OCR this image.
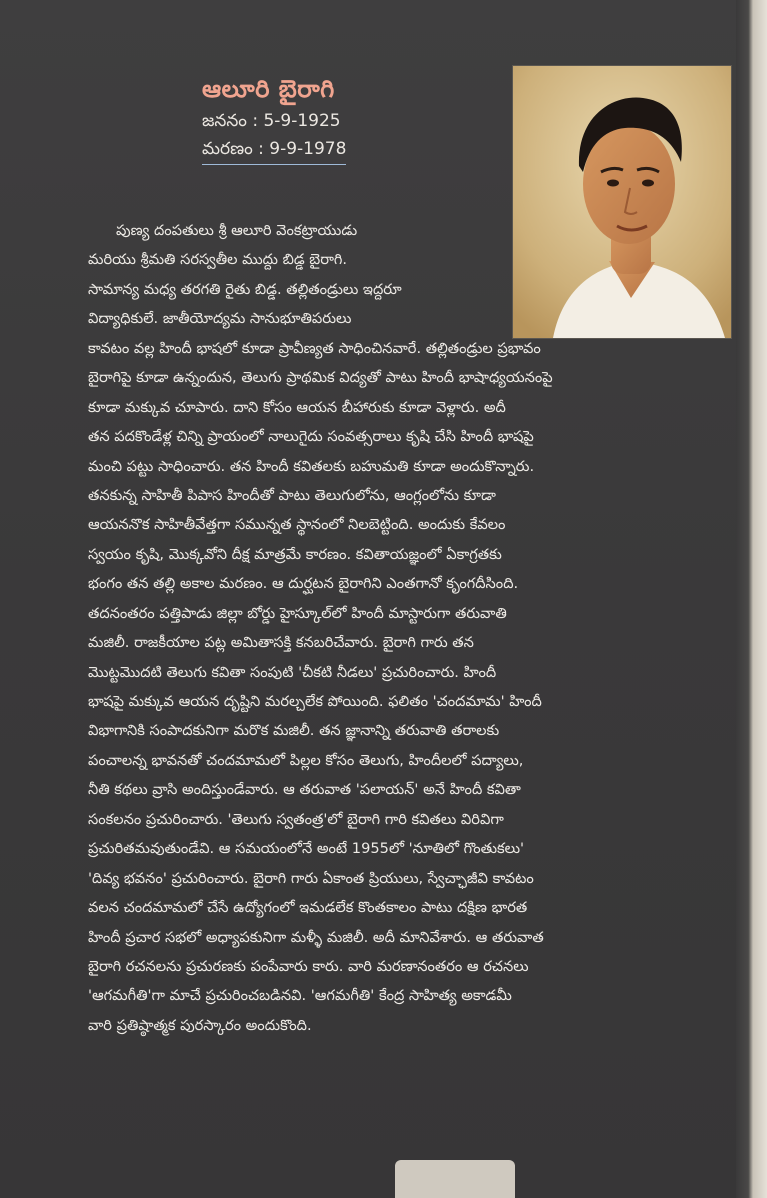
ఆలూరి బైరాగి

జననం : 5-9-1925

మరణం : 9-9-1978

పుణ్య దంపతులు శ్రీ ఆలూరి వెంకట్రాయుడు
మరియు శ్రీమతి సరస్వతీల ముద్దు బిడ్డ బైరాగి.
సామాన్య మధ్య తరగతి రైతు బిడ్డ. తల్లితండ్రులు ఇద్దరూ
విద్యాధికులే. జాతీయోద్యమ సానుభూతిపరులు
కావటం వల్ల హిందీ భాషలో కూడా ప్రావీణ్యత సాధించినవారే. తల్లితండ్రుల ప్రభావం
బైరాగిపై కూడా ఉన్నందున, తెలుగు ప్రాథమిక విద్యతో పాటు హిందీ భాషాధ్యయనంపై
కూడా మక్కువ చూపారు. దాని కోసం ఆయన బీహారుకు కూడా వెళ్లారు. అదీ
తన పదకొండేళ్ల చిన్ని ప్రాయంలో నాలుగైదు సంవత్సరాలు కృషి చేసి హిందీ భాషపై
మంచి పట్టు సాధించారు. తన హిందీ కవితలకు బహుమతి కూడా అందుకొన్నారు.
తనకున్న సాహితీ పిపాస హిందీతో పాటు తెలుగులోను, ఆంగ్లంలోను కూడా
ఆయననొక సాహితీవేత్తగా సమున్నత స్థానంలో నిలబెట్టింది. అందుకు కేవలం
స్వయం కృషి, మొక్కవోని దీక్ష మాత్రమే కారణం. కవితాయజ్ఞంలో ఏకాగ్రతకు
భంగం తన తల్లి అకాల మరణం. ఆ దుర్ఘటన బైరాగిని ఎంతగానో కృంగదీసింది.
తదనంతరం పత్తిపాడు జిల్లా బోర్డు హైస్కూల్‌లో హిందీ మాస్టారుగా తరువాతి
మజిలీ. రాజకీయాల పట్ల అమితాసక్తి కనబరిచేవారు. బైరాగి గారు తన
మొట్టమొదటి తెలుగు కవితా సంపుటి 'చీకటి నీడలు' ప్రచురించారు. హిందీ
భాషపై మక్కువ ఆయన దృష్టిని మరల్చలేక పోయింది. ఫలితం 'చందమామ' హిందీ
విభాగానికి సంపాదకునిగా మరొక మజిలీ. తన జ్ఞానాన్ని తరువాతి తరాలకు
పంచాలన్న భావనతో చందమామలో పిల్లల కోసం తెలుగు, హిందీలలో పద్యాలు,
నీతి కథలు వ్రాసి అందిస్తుండేవారు. ఆ తరువాత 'పలాయన్' అనే హిందీ కవితా
సంకలనం ప్రచురించారు. 'తెలుగు స్వతంత్ర'లో బైరాగి గారి కవితలు విరివిగా
ప్రచురితమవుతుండేవి. ఆ సమయంలోనే అంటే 1955లో 'నూతిలో గొంతుకలు'
'దివ్య భవనం' ప్రచురించారు. బైరాగి గారు ఏకాంత ప్రియులు, స్వేచ్ఛాజీవి కావటం
వలన చందమామలో చేసే ఉద్యోగంలో ఇమడలేక కొంతకాలం పాటు దక్షిణ భారత
హిందీ ప్రచార సభలో అధ్యాపకునిగా మళ్ళీ మజిలీ. అదీ మానివేశారు. ఆ తరువాత
బైరాగి రచనలను ప్రచురణకు పంపేవారు కారు. వారి మరణానంతరం ఆ రచనలు
'ఆగమగీతి'గా మాచే ప్రచురించబడినవి. 'ఆగమగీతి' కేంద్ర సాహిత్య అకాడమీ
వారి ప్రతిష్ఠాత్మక పురస్కారం అందుకొంది.
